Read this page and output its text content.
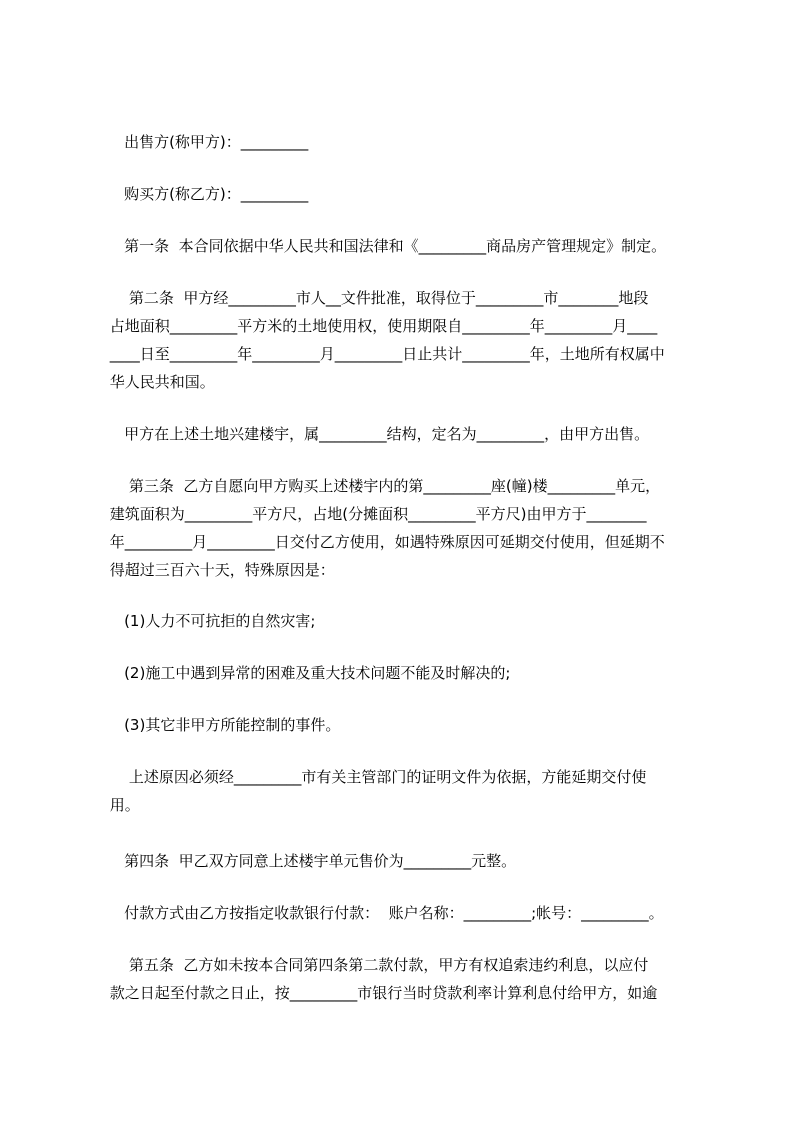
出售方(称甲方)：_________
购买方(称乙方)：_________
第一条  本合同依据中华人民共和国法律和《_________商品房产管理规定》制定。
第二条  甲方经_________市人__文件批准，取得位于_________市________地段
占地面积_________平方米的土地使用权，使用期限自_________年_________月____
____日至_________年_________月_________日止共计_________年，土地所有权属中
华人民共和国。
甲方在上述土地兴建楼宇，属_________结构，定名为_________，由甲方出售。
第三条  乙方自愿向甲方购买上述楼宇内的第_________座(幢)楼_________单元，
建筑面积为_________平方尺，占地(分摊面积_________平方尺)由甲方于________
年_________月_________日交付乙方使用，如遇特殊原因可延期交付使用，但延期不
得超过三百六十天，特殊原因是：
(1)人力不可抗拒的自然灾害;
(2)施工中遇到异常的困难及重大技术问题不能及时解决的;
(3)其它非甲方所能控制的事件。
上述原因必须经_________市有关主管部门的证明文件为依据，方能延期交付使
用。
第四条  甲乙双方同意上述楼宇单元售价为_________元整。
付款方式由乙方按指定收款银行付款：  账户名称：_________;帐号：_________。
第五条  乙方如未按本合同第四条第二款付款，甲方有权追索违约利息，以应付
款之日起至付款之日止，按_________市银行当时贷款利率计算利息付给甲方，如逾
